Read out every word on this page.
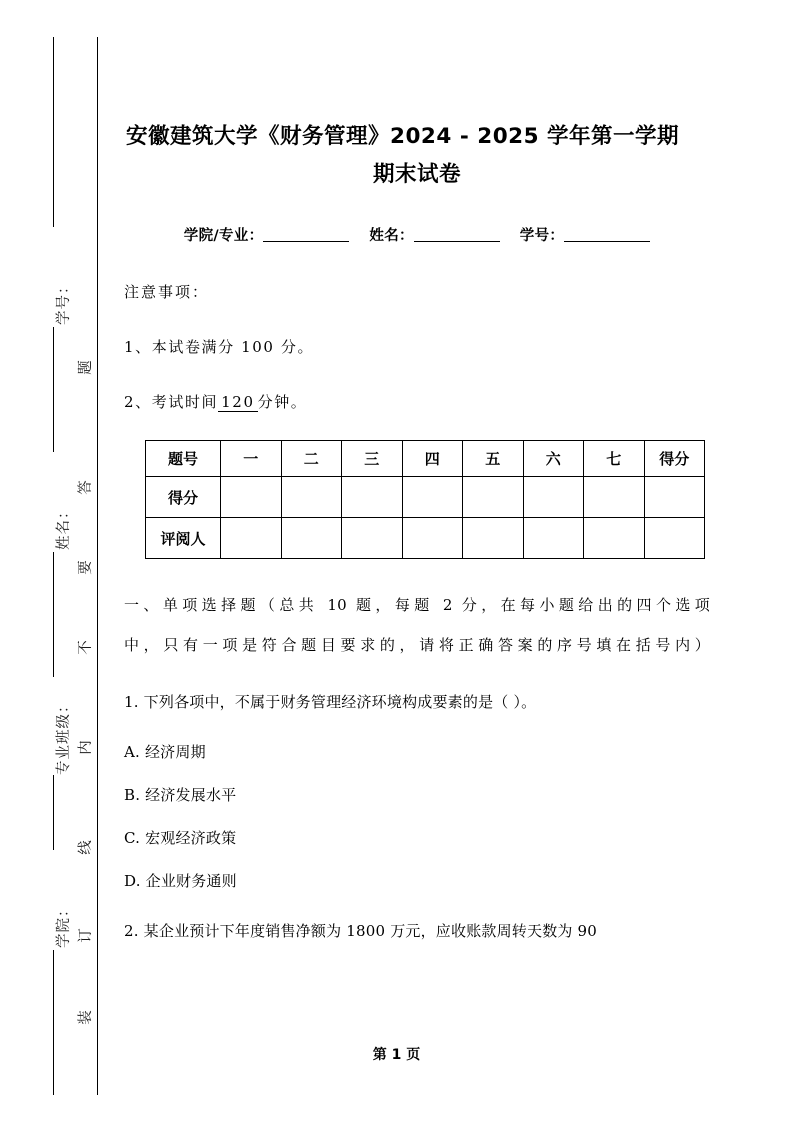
学号：
姓名：
专业班级：
学院：
题
答
要
不
内
线
订
装
安徽建筑大学《财务管理》2024 - 2025 学年第一学期
期末试卷
学院/专业：	姓名：	学号：
注意事项：
1、本试卷满分 100 分。
2、考试时间 120 分钟。
题号	一	二	三	四	五	六	七	得分
得分								
评阅人								
一、单项选择题（总共 10 题，每题 2 分，在每小题给出的四个选项
中，只有一项是符合题目要求的，请将正确答案的序号填在括号内）
1. 下列各项中，不属于财务管理经济环境构成要素的是（ ）。
A. 经济周期
B. 经济发展水平
C. 宏观经济政策
D. 企业财务通则
2. 某企业预计下年度销售净额为 1800 万元，应收账款周转天数为 90
第 1 页
